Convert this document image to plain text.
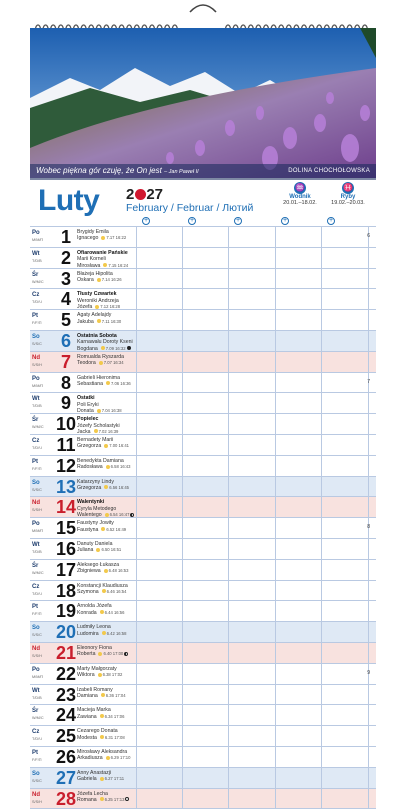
Wobec piękna gór czuję, że On jest – Jan Paweł II	DOLINA CHOCHOŁOWSKA
Luty 2 27
February / Februar / Лютий
♒
Wodnik
20.01.–18.02.
♓
Ryby
19.02.–20.03.
+	+	+	+	+
Po
M/M/П 1	Brygidy Emila
Ignacego 7.17 16:22	6
Wt
T/D/B 2	Ofiarowanie Pańskie
Marii Korneli
Mirosława 7.15 16:24
Śr
W/M/C 3	Błażeja Hipolita
Oskara 7.14 16:26
Cz
T/D/Ч 4	Tłusty Czwartek
Weroniki Andrzeja
Józefa 7.12 16:28
Pt
F/F/П 5	Agaty Adelajdy
Jakuba 7.11 16:30
So
S/S/C 6	Ostatnia Sobota
Karnawału Doroty Kseni
Bogdana 7.09 16:32
Nd
S/S/H 7	Romualda Ryszarda
Teodora 7.07 16:34
Po
M/M/П 8	Gabrieli Hieronima
Sebastiana 7.06 16:36	7
Wt
T/D/B 9	Ostatki
Poli Eryki
Donata 7.04 16:38
Śr
W/M/C 10 Popielec
Józefy Scholastyki
Jacka 7.02 16:39
Cz
T/D/Ч 11 Bernadety Marii
Grzegorza 7.00 16:41
Pt
F/F/П 12 Benedykta Damiana
Radosława 6.58 16:43
So
S/S/C 13 Katarzyny Lindy
Grzegorza 6.56 16:45
Nd
S/S/H 14 Walentynki
Cyryla Metodego
Walentego 6.54 16:47
Po
M/M/П 15 Faustyny Jowity
Faustyna 6.52 16:49	8
Wt
T/D/B 16 Danuty Daniela
Juliana 6.50 16:51
Śr
W/M/C 17 Aleksego Łukasza
Zbigniewa 6.48 16:53
Cz
T/D/Ч 18 Konstancji Klaudiusza
Szymona 6.46 16:54
Pt
F/F/П 19 Arnolda Józefa
Konrada 6.44 16:56
So
S/S/C 20 Ludmiły Leona
Ludomira 6.42 16:58
Nd
S/S/H 21 Eleonory Fiona
Roberta 6.40 17:00
Po
M/M/П 22 Marty Małgorzaty
Wiktora 6.38 17:02	9
Wt
T/D/B 23 Izabeli Romany
Damiana 6.36 17:04
Śr
W/M/C 24 Macieja Marka
Zawiana 6.34 17:06
Cz
T/D/Ч 25 Cezarego Donata
Modesta 6.31 17:08
Pt
F/F/П 26 Mirosławy Aleksandra
Arkadiusza 6.29 17:10
So
S/S/C 27 Anny Anastazji
Gabriela 6.27 17:11
Nd
S/S/H 28 Józefa Lecha
Romana 6.25 17:13
